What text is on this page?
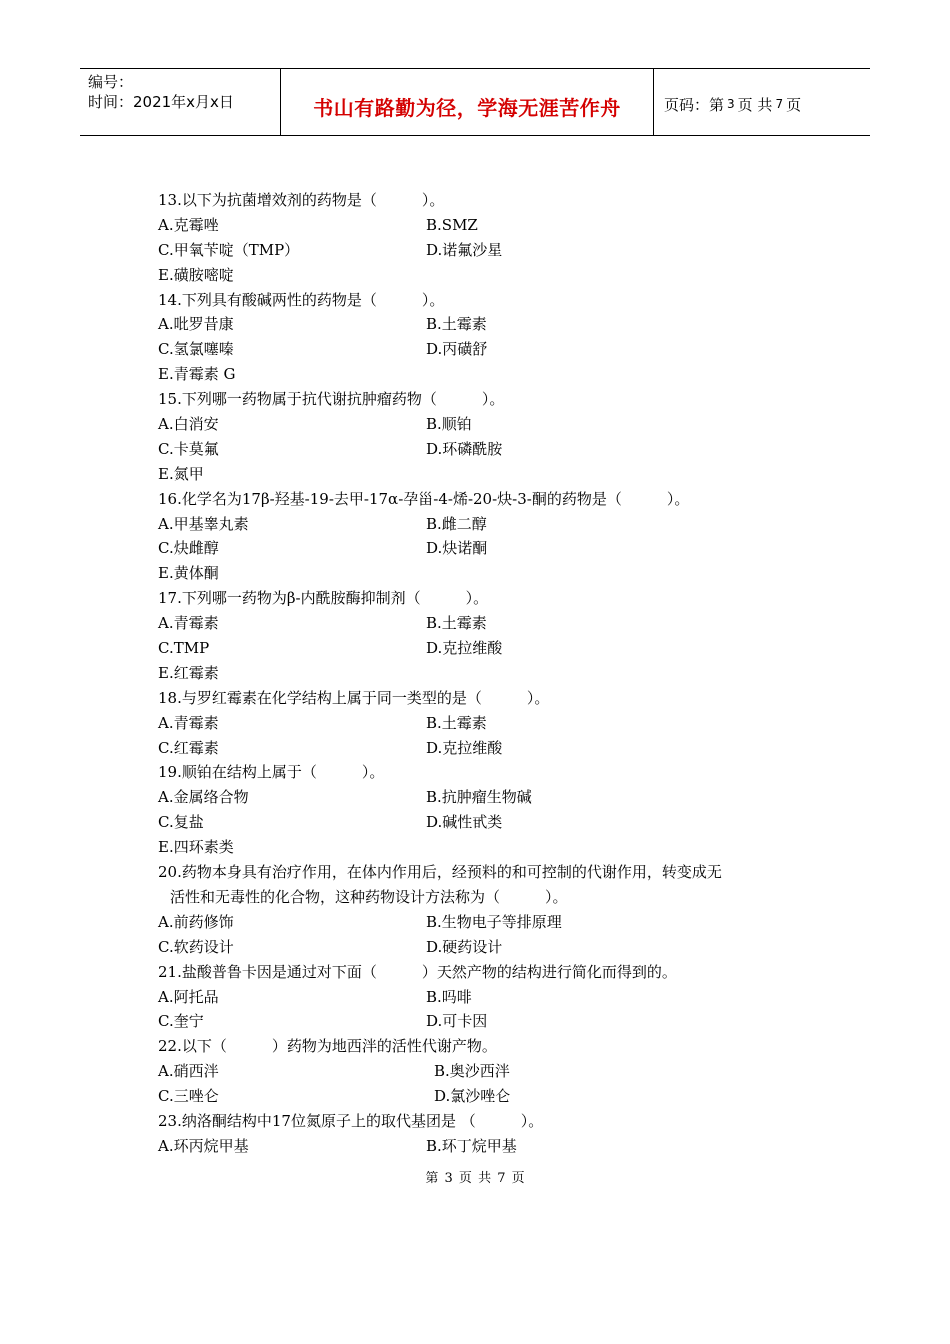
编号：
时间：2021年x月x日	书山有路勤为径，学海无涯苦作舟	页码：第 3 页 共 7 页
13.以下为抗菌增效剂的药物是（　　　）。
A.克霉唑	B.SMZ
C.甲氧苄啶（TMP）	D.诺氟沙星
E.磺胺嘧啶
14.下列具有酸碱两性的药物是（　　　）。
A.吡罗昔康	B.土霉素
C.氢氯噻嗪	D.丙磺舒
E.青霉素 G
15.下列哪一药物属于抗代谢抗肿瘤药物（　　　）。
A.白消安	B.顺铂
C.卡莫氟	D.环磷酰胺
E.氮甲
16.化学名为17β-羟基-19-去甲-17α-孕甾-4-烯-20-炔-3-酮的药物是（　　　）。
A.甲基睾丸素	B.雌二醇
C.炔雌醇	D.炔诺酮
E.黄体酮
17.下列哪一药物为β-内酰胺酶抑制剂（　　　）。
A.青霉素	B.土霉素
C.TMP	D.克拉维酸
E.红霉素
18.与罗红霉素在化学结构上属于同一类型的是（　　　）。
A.青霉素	B.土霉素
C.红霉素	D.克拉维酸
19.顺铂在结构上属于（　　　）。
A.金属络合物	B.抗肿瘤生物碱
C.复盐	D.碱性甙类
E.四环素类
20.药物本身具有治疗作用，在体内作用后，经预料的和可控制的代谢作用，转变成无
活性和无毒性的化合物，这种药物设计方法称为（　　　）。
A.前药修饰	B.生物电子等排原理
C.软药设计	D.硬药设计
21.盐酸普鲁卡因是通过对下面（　　　）天然产物的结构进行简化而得到的。
A.阿托品	B.吗啡
C.奎宁	D.可卡因
22.以下（　　　）药物为地西泮的活性代谢产物。
A.硝西泮	B.奥沙西泮
C.三唑仑	D.氯沙唑仑
23.纳洛酮结构中17位氮原子上的取代基团是 （　　　）。
A.环丙烷甲基	B.环丁烷甲基
第 3 页 共 7 页
